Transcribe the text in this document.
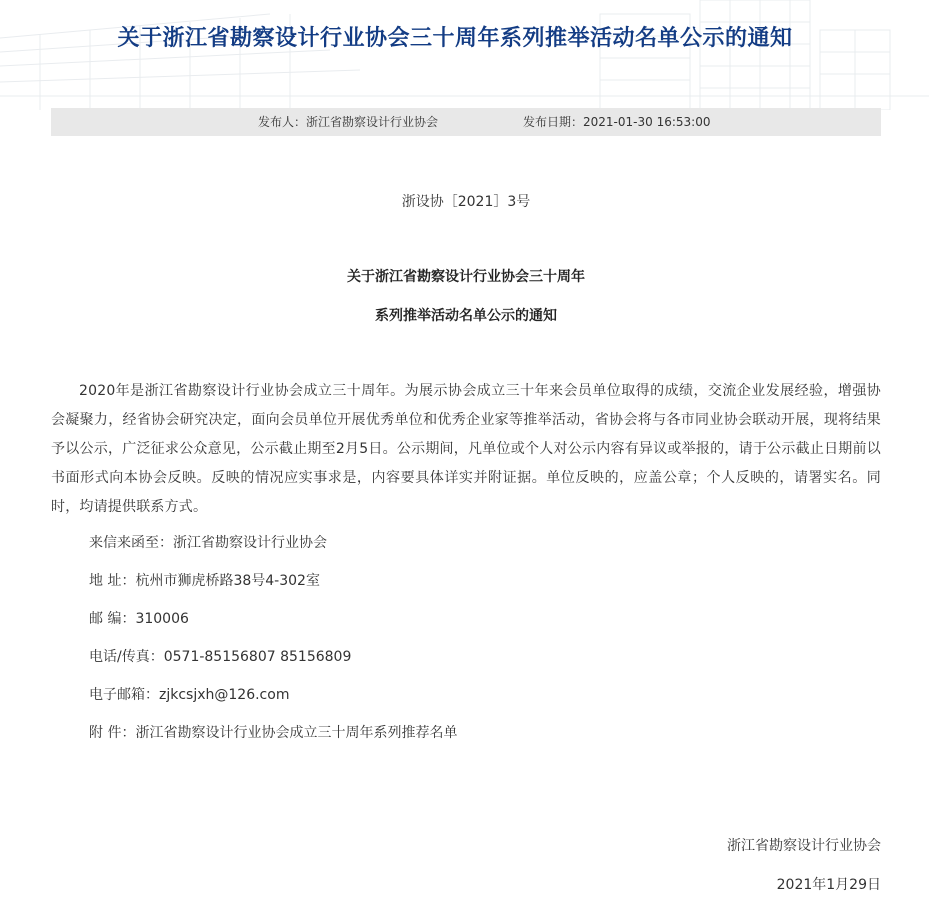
关于浙江省勘察设计行业协会三十周年系列推举活动名单公示的通知
发布人：浙江省勘察设计行业协会	发布日期：2021-01-30 16:53:00
浙设协［2021］3号
关于浙江省勘察设计行业协会三十周年
系列推举活动名单公示的通知

2020年是浙江省勘察设计行业协会成立三十周年。为展示协会成立三十年来会员单位取得的成绩，交流企业发展经验，增强协会凝聚力，经省协会研究决定，面向会员单位开展优秀单位和优秀企业家等推举活动，省协会将与各市同业协会联动开展，现将结果予以公示，广泛征求公众意见，公示截止期至2月5日。公示期间，凡单位或个人对公示内容有异议或举报的，请于公示截止日期前以书面形式向本协会反映。反映的情况应实事求是，内容要具体详实并附证据。单位反映的，应盖公章；个人反映的，请署实名。同时，均请提供联系方式。

来信来函至：浙江省勘察设计行业协会
地 址：杭州市狮虎桥路38号4-302室
邮 编：310006
电话/传真：0571-85156807 85156809
电子邮箱：zjkcsjxh@126.com
附 件：浙江省勘察设计行业协会成立三十周年系列推荐名单
浙江省勘察设计行业协会
2021年1月29日
